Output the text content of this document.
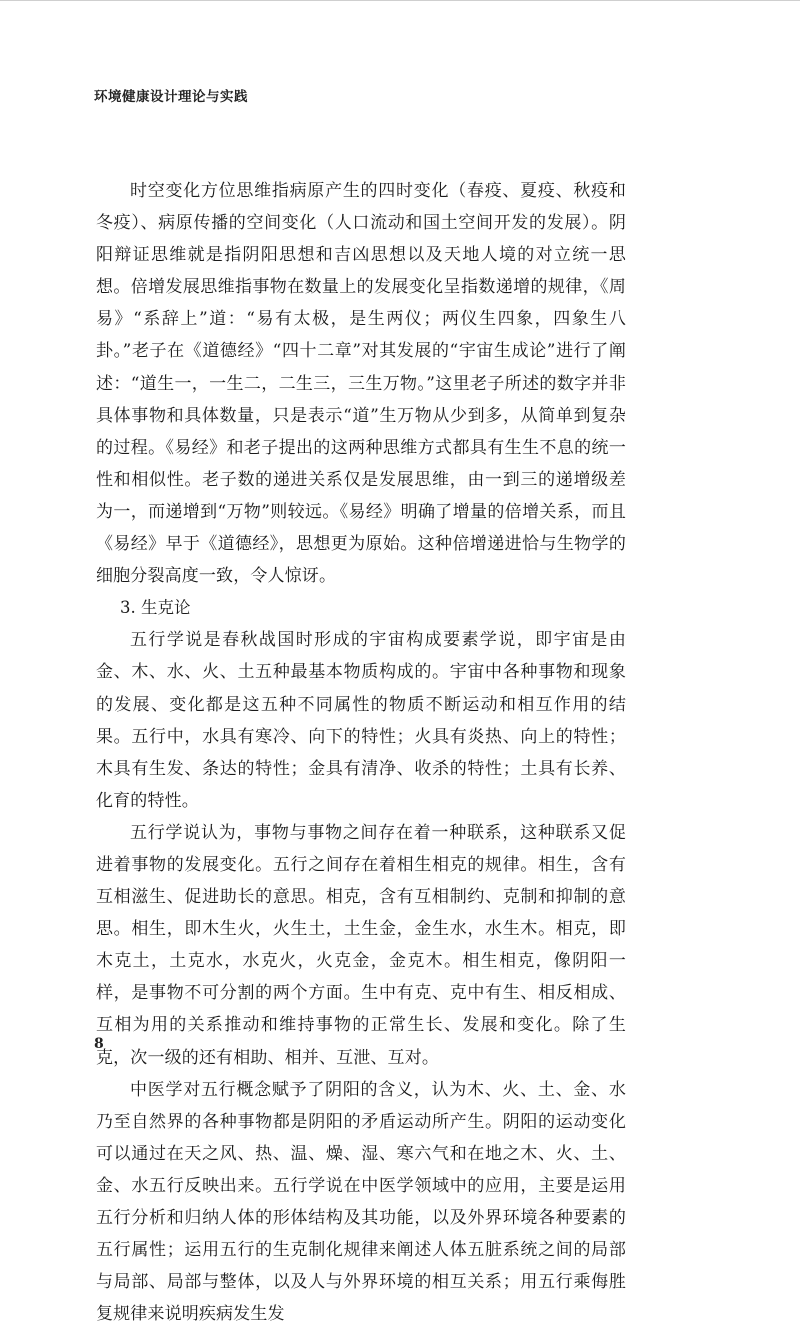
环境健康设计理论与实践

时空变化方位思维指病原产生的四时变化（春疫、夏疫、秋疫和冬疫）、病原传播的空间变化（人口流动和国土空间开发的发展）。阴阳辩证思维就是指阴阳思想和吉凶思想以及天地人境的对立统一思想。倍增发展思维指事物在数量上的发展变化呈指数递增的规律，《周易》“系辞上”道：“易有太极，是生两仪；两仪生四象，四象生八卦。”老子在《道德经》“四十二章”对其发展的“宇宙生成论”进行了阐述：“道生一，一生二，二生三，三生万物。”这里老子所述的数字并非具体事物和具体数量，只是表示“道”生万物从少到多，从简单到复杂的过程。《易经》和老子提出的这两种思维方式都具有生生不息的统一性和相似性。老子数的递进关系仅是发展思维，由一到三的递增级差为一，而递增到“万物”则较远。《易经》明确了增量的倍增关系，而且《易经》早于《道德经》，思想更为原始。这种倍增递进恰与生物学的细胞分裂高度一致，令人惊讶。

3. 生克论

五行学说是春秋战国时形成的宇宙构成要素学说，即宇宙是由金、木、水、火、土五种最基本物质构成的。宇宙中各种事物和现象的发展、变化都是这五种不同属性的物质不断运动和相互作用的结果。五行中，水具有寒冷、向下的特性；火具有炎热、向上的特性；木具有生发、条达的特性；金具有清净、收杀的特性；土具有长养、化育的特性。

五行学说认为，事物与事物之间存在着一种联系，这种联系又促进着事物的发展变化。五行之间存在着相生相克的规律。相生，含有互相滋生、促进助长的意思。相克，含有互相制约、克制和抑制的意思。相生，即木生火，火生土，土生金，金生水，水生木。相克，即木克土，土克水，水克火，火克金，金克木。相生相克，像阴阳一样，是事物不可分割的两个方面。生中有克、克中有生、相反相成、互相为用的关系推动和维持事物的正常生长、发展和变化。除了生克，次一级的还有相助、相并、互泄、互对。

中医学对五行概念赋予了阴阳的含义，认为木、火、土、金、水乃至自然界的各种事物都是阴阳的矛盾运动所产生。阴阳的运动变化可以通过在天之风、热、温、燥、湿、寒六气和在地之木、火、土、金、水五行反映出来。五行学说在中医学领域中的应用，主要是运用五行分析和归纳人体的形体结构及其功能，以及外界环境各种要素的五行属性；运用五行的生克制化规律来阐述人体五脏系统之间的局部与局部、局部与整体，以及人与外界环境的相互关系；用五行乘侮胜复规律来说明疾病发生发

8
